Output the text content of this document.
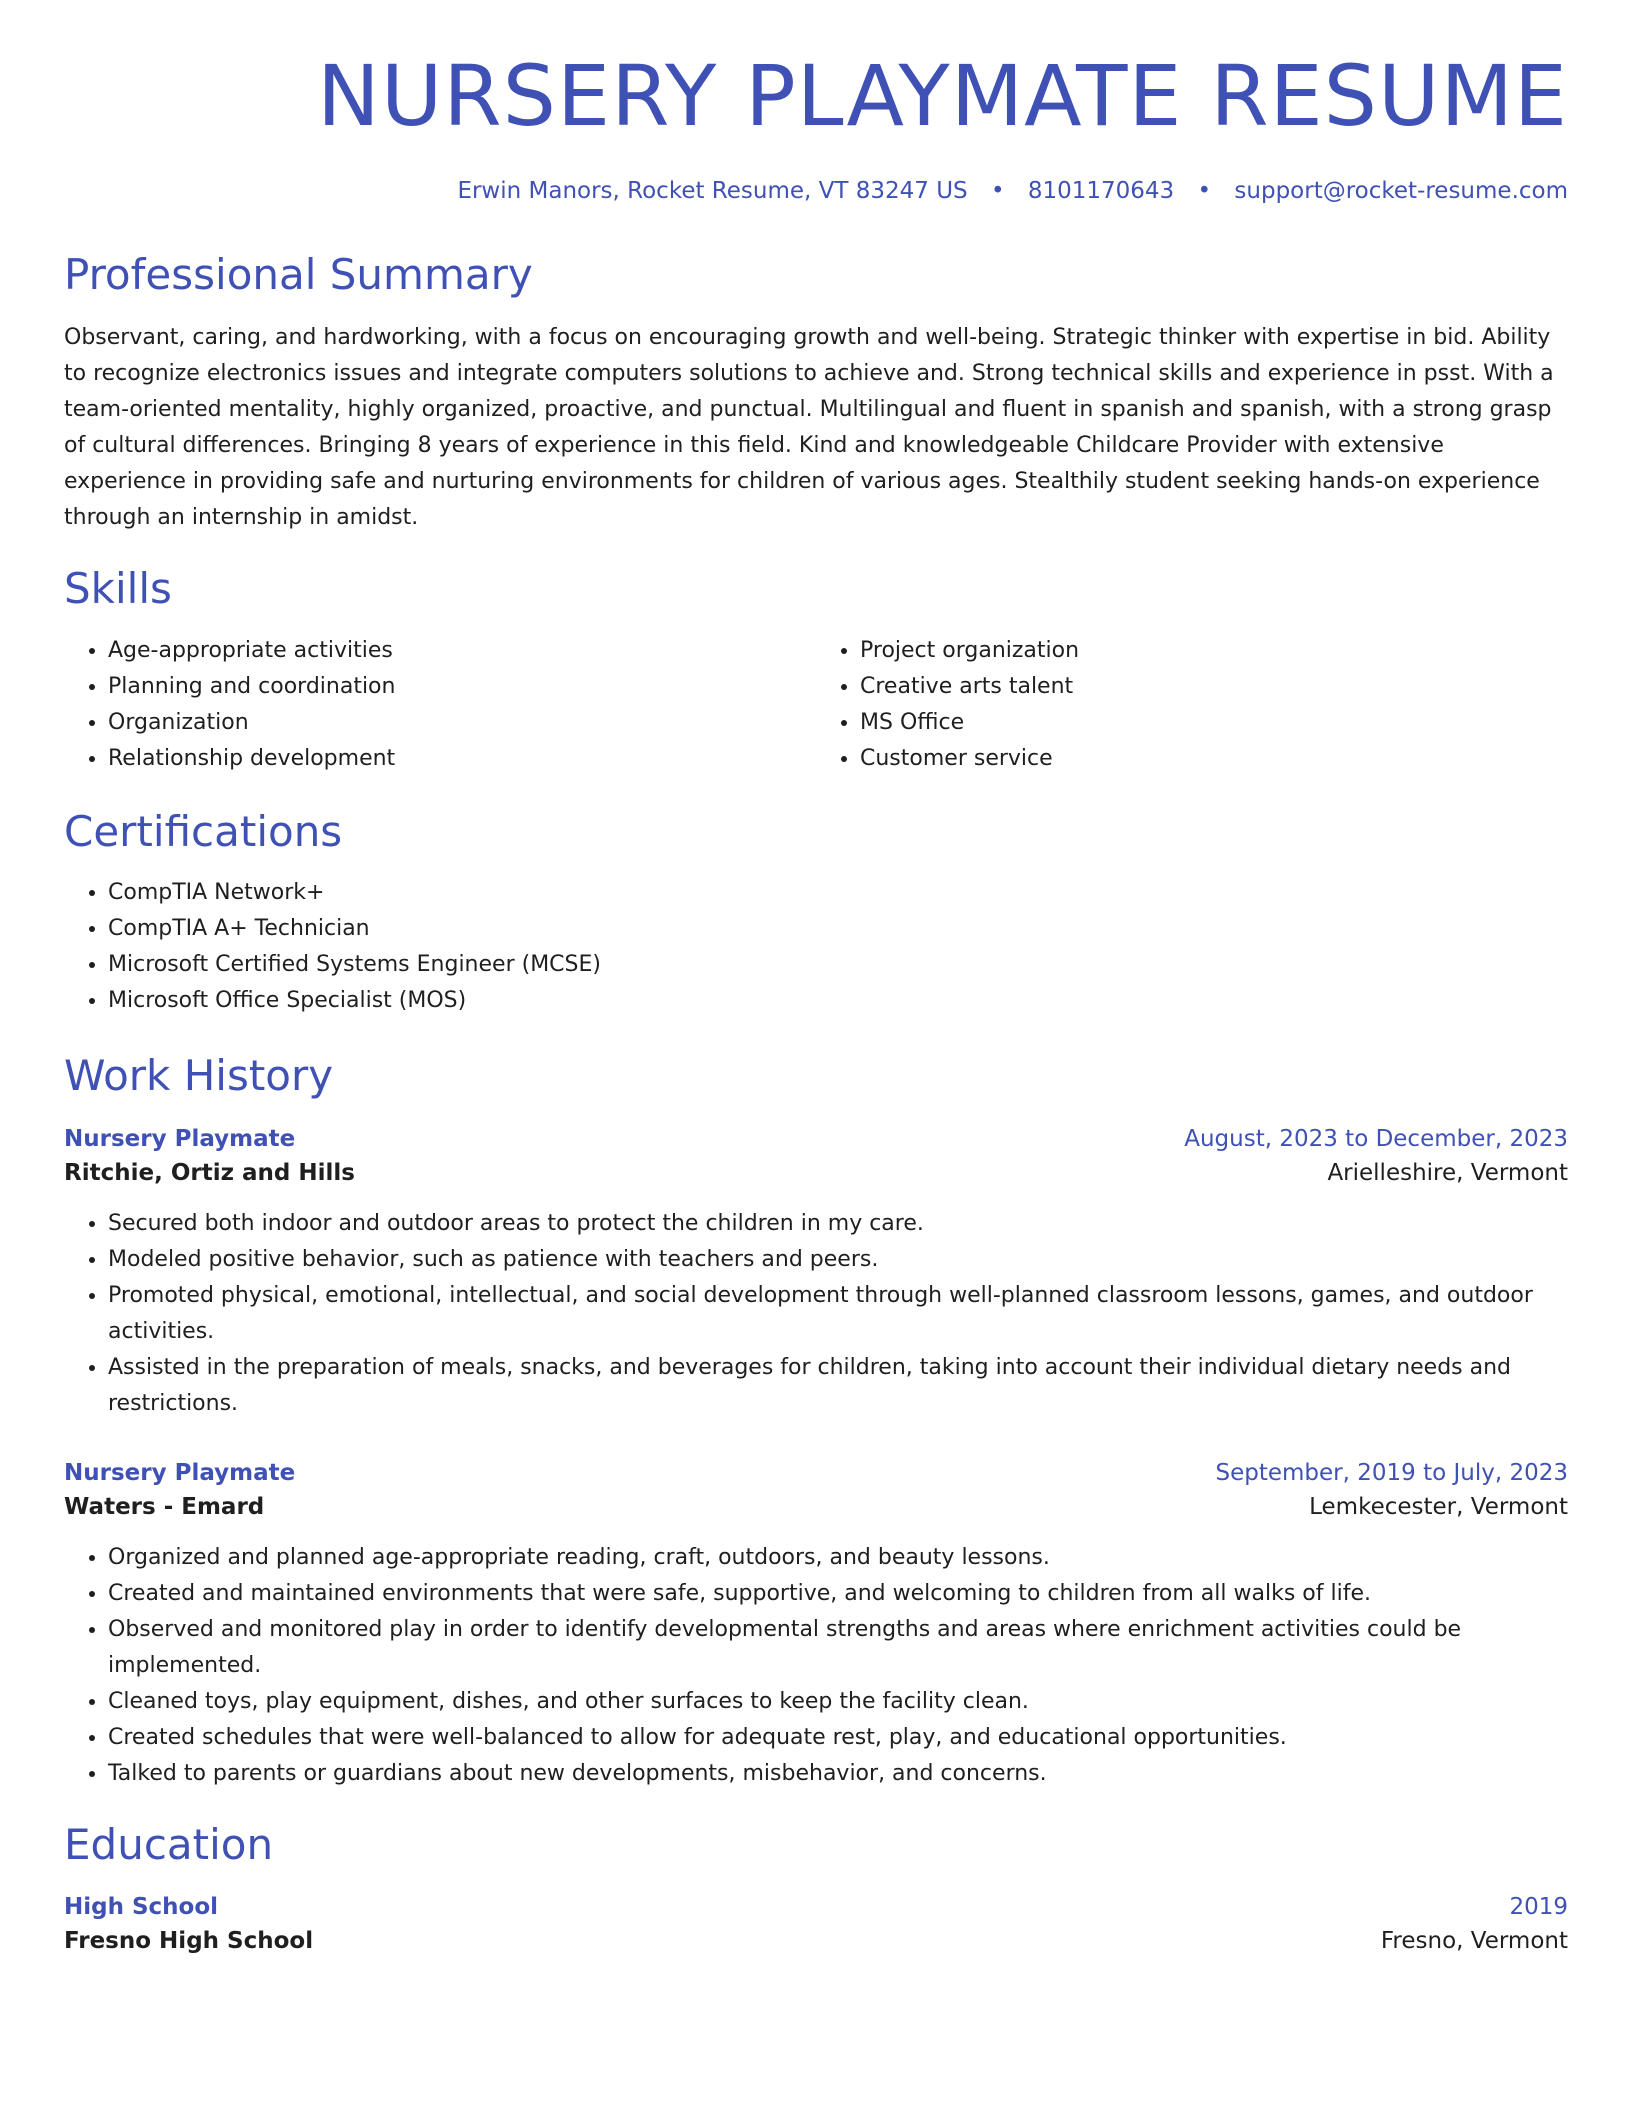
NURSERY PLAYMATE RESUME
Erwin Manors, Rocket Resume, VT 83247 US • 8101170643 • support@rocket-resume.com
Professional Summary
Observant, caring, and hardworking, with a focus on encouraging growth and well-being. Strategic thinker with expertise in bid. Ability to recognize electronics issues and integrate computers solutions to achieve and. Strong technical skills and experience in psst. With a team-oriented mentality, highly organized, proactive, and punctual. Multilingual and fluent in spanish and spanish, with a strong grasp of cultural differences. Bringing 8 years of experience in this field. Kind and knowledgeable Childcare Provider with extensive experience in providing safe and nurturing environments for children of various ages. Stealthily student seeking hands-on experience through an internship in amidst.
Skills
• Age-appropriate activities
• Planning and coordination
• Organization
• Relationship development
• Project organization
• Creative arts talent
• MS Office
• Customer service
Certifications
• CompTIA Network+
• CompTIA A+ Technician
• Microsoft Certified Systems Engineer (MCSE)
• Microsoft Office Specialist (MOS)
Work History
Nursery Playmate	August, 2023 to December, 2023
Ritchie, Ortiz and Hills	Arielleshire, Vermont
• Secured both indoor and outdoor areas to protect the children in my care.
• Modeled positive behavior, such as patience with teachers and peers.
• Promoted physical, emotional, intellectual, and social development through well-planned classroom lessons, games, and outdoor activities.
• Assisted in the preparation of meals, snacks, and beverages for children, taking into account their individual dietary needs and restrictions.
Nursery Playmate	September, 2019 to July, 2023
Waters - Emard	Lemkecester, Vermont
• Organized and planned age-appropriate reading, craft, outdoors, and beauty lessons.
• Created and maintained environments that were safe, supportive, and welcoming to children from all walks of life.
• Observed and monitored play in order to identify developmental strengths and areas where enrichment activities could be implemented.
• Cleaned toys, play equipment, dishes, and other surfaces to keep the facility clean.
• Created schedules that were well-balanced to allow for adequate rest, play, and educational opportunities.
• Talked to parents or guardians about new developments, misbehavior, and concerns.
Education
High School	2019
Fresno High School	Fresno, Vermont
